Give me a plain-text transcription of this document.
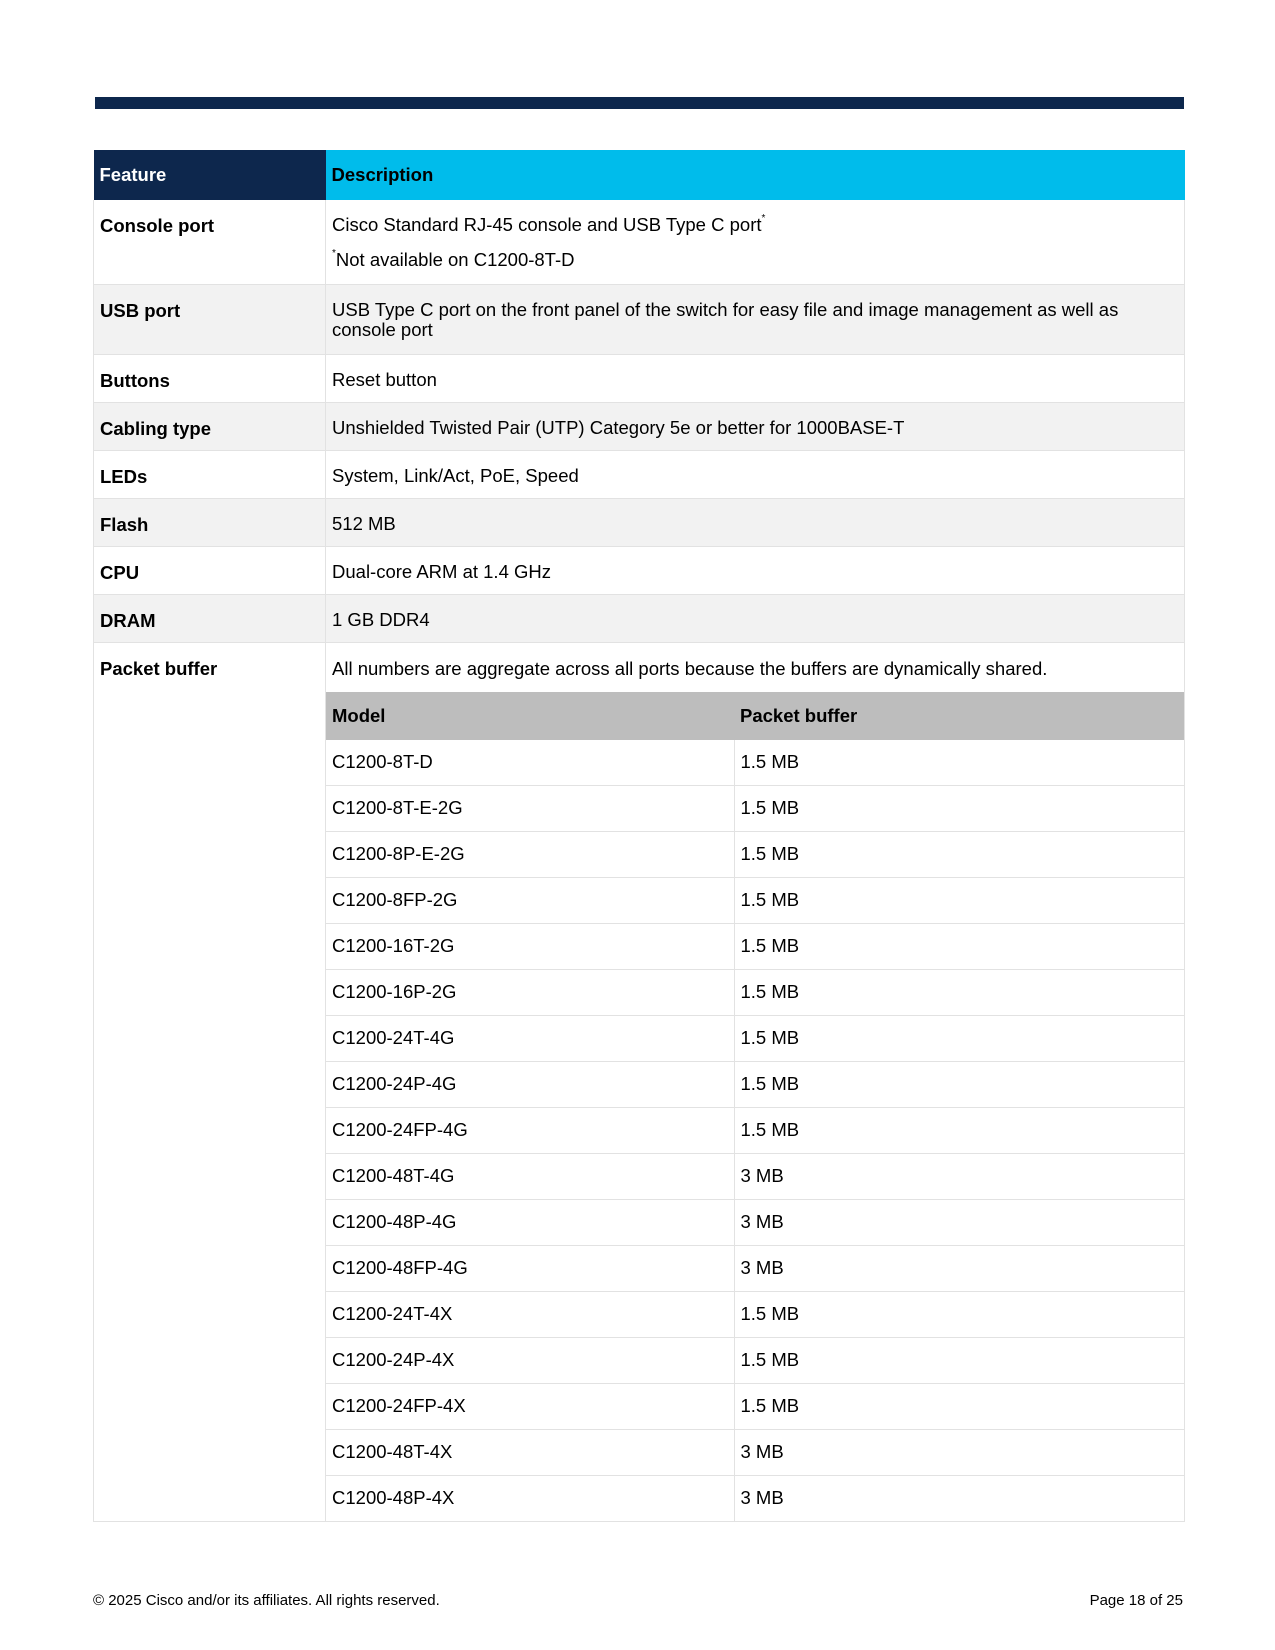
Feature	Description
Console port	Cisco Standard RJ-45 console and USB Type C port*
*Not available on C1200-8T-D

USB port	USB Type C port on the front panel of the switch for easy file and image management as well as console port
Buttons	Reset button
Cabling type	Unshielded Twisted Pair (UTP) Category 5e or better for 1000BASE-T
LEDs	System, Link/Act, PoE, Speed
Flash	512 MB
CPU	Dual-core ARM at 1.4 GHz
DRAM	1 GB DDR4
Packet buffer	All numbers are aggregate across all ports because the buffers are dynamically shared.
Model	Packet buffer
C1200-8T-D	1.5 MB
C1200-8T-E-2G	1.5 MB
C1200-8P-E-2G	1.5 MB
C1200-8FP-2G	1.5 MB
C1200-16T-2G	1.5 MB
C1200-16P-2G	1.5 MB
C1200-24T-4G	1.5 MB
C1200-24P-4G	1.5 MB
C1200-24FP-4G	1.5 MB
C1200-48T-4G	3 MB
C1200-48P-4G	3 MB
C1200-48FP-4G	3 MB
C1200-24T-4X	1.5 MB
C1200-24P-4X	1.5 MB
C1200-24FP-4X	1.5 MB
C1200-48T-4X	3 MB
C1200-48P-4X	3 MB
© 2025 Cisco and/or its affiliates. All rights reserved.	Page 18 of 25
